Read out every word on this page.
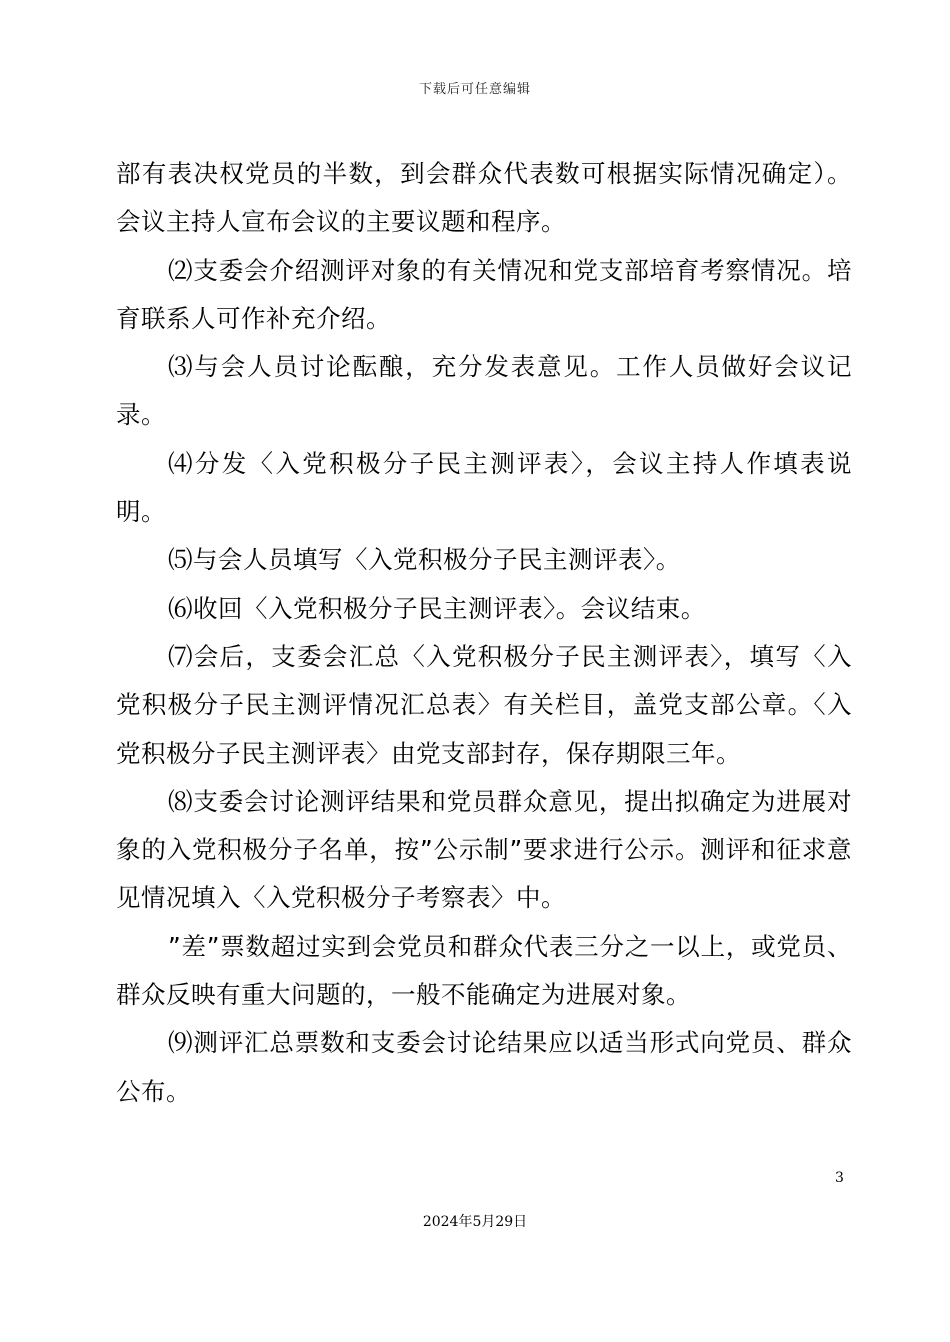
下载后可任意编辑

部有表决权党员的半数，到会群众代表数可根据实际情况确定）。会议主持人宣布会议的主要议题和程序。

⑵支委会介绍测评对象的有关情况和党支部培育考察情况。培育联系人可作补充介绍。

⑶与会人员讨论酝酿，充分发表意见。工作人员做好会议记录。

⑷分发〈入党积极分子民主测评表〉，会议主持人作填表说明。

⑸与会人员填写〈入党积极分子民主测评表〉。

⑹收回〈入党积极分子民主测评表〉。会议结束。

⑺会后，支委会汇总〈入党积极分子民主测评表〉，填写〈入党积极分子民主测评情况汇总表〉有关栏目，盖党支部公章。〈入党积极分子民主测评表〉由党支部封存，保存期限三年。

⑻支委会讨论测评结果和党员群众意见，提出拟确定为进展对象的入党积极分子名单，按”公示制”要求进行公示。测评和征求意见情况填入〈入党积极分子考察表〉中。

”差”票数超过实到会党员和群众代表三分之一以上，或党员、群众反映有重大问题的，一般不能确定为进展对象。

⑼测评汇总票数和支委会讨论结果应以适当形式向党员、群众公布。

3
2024年5月29日
